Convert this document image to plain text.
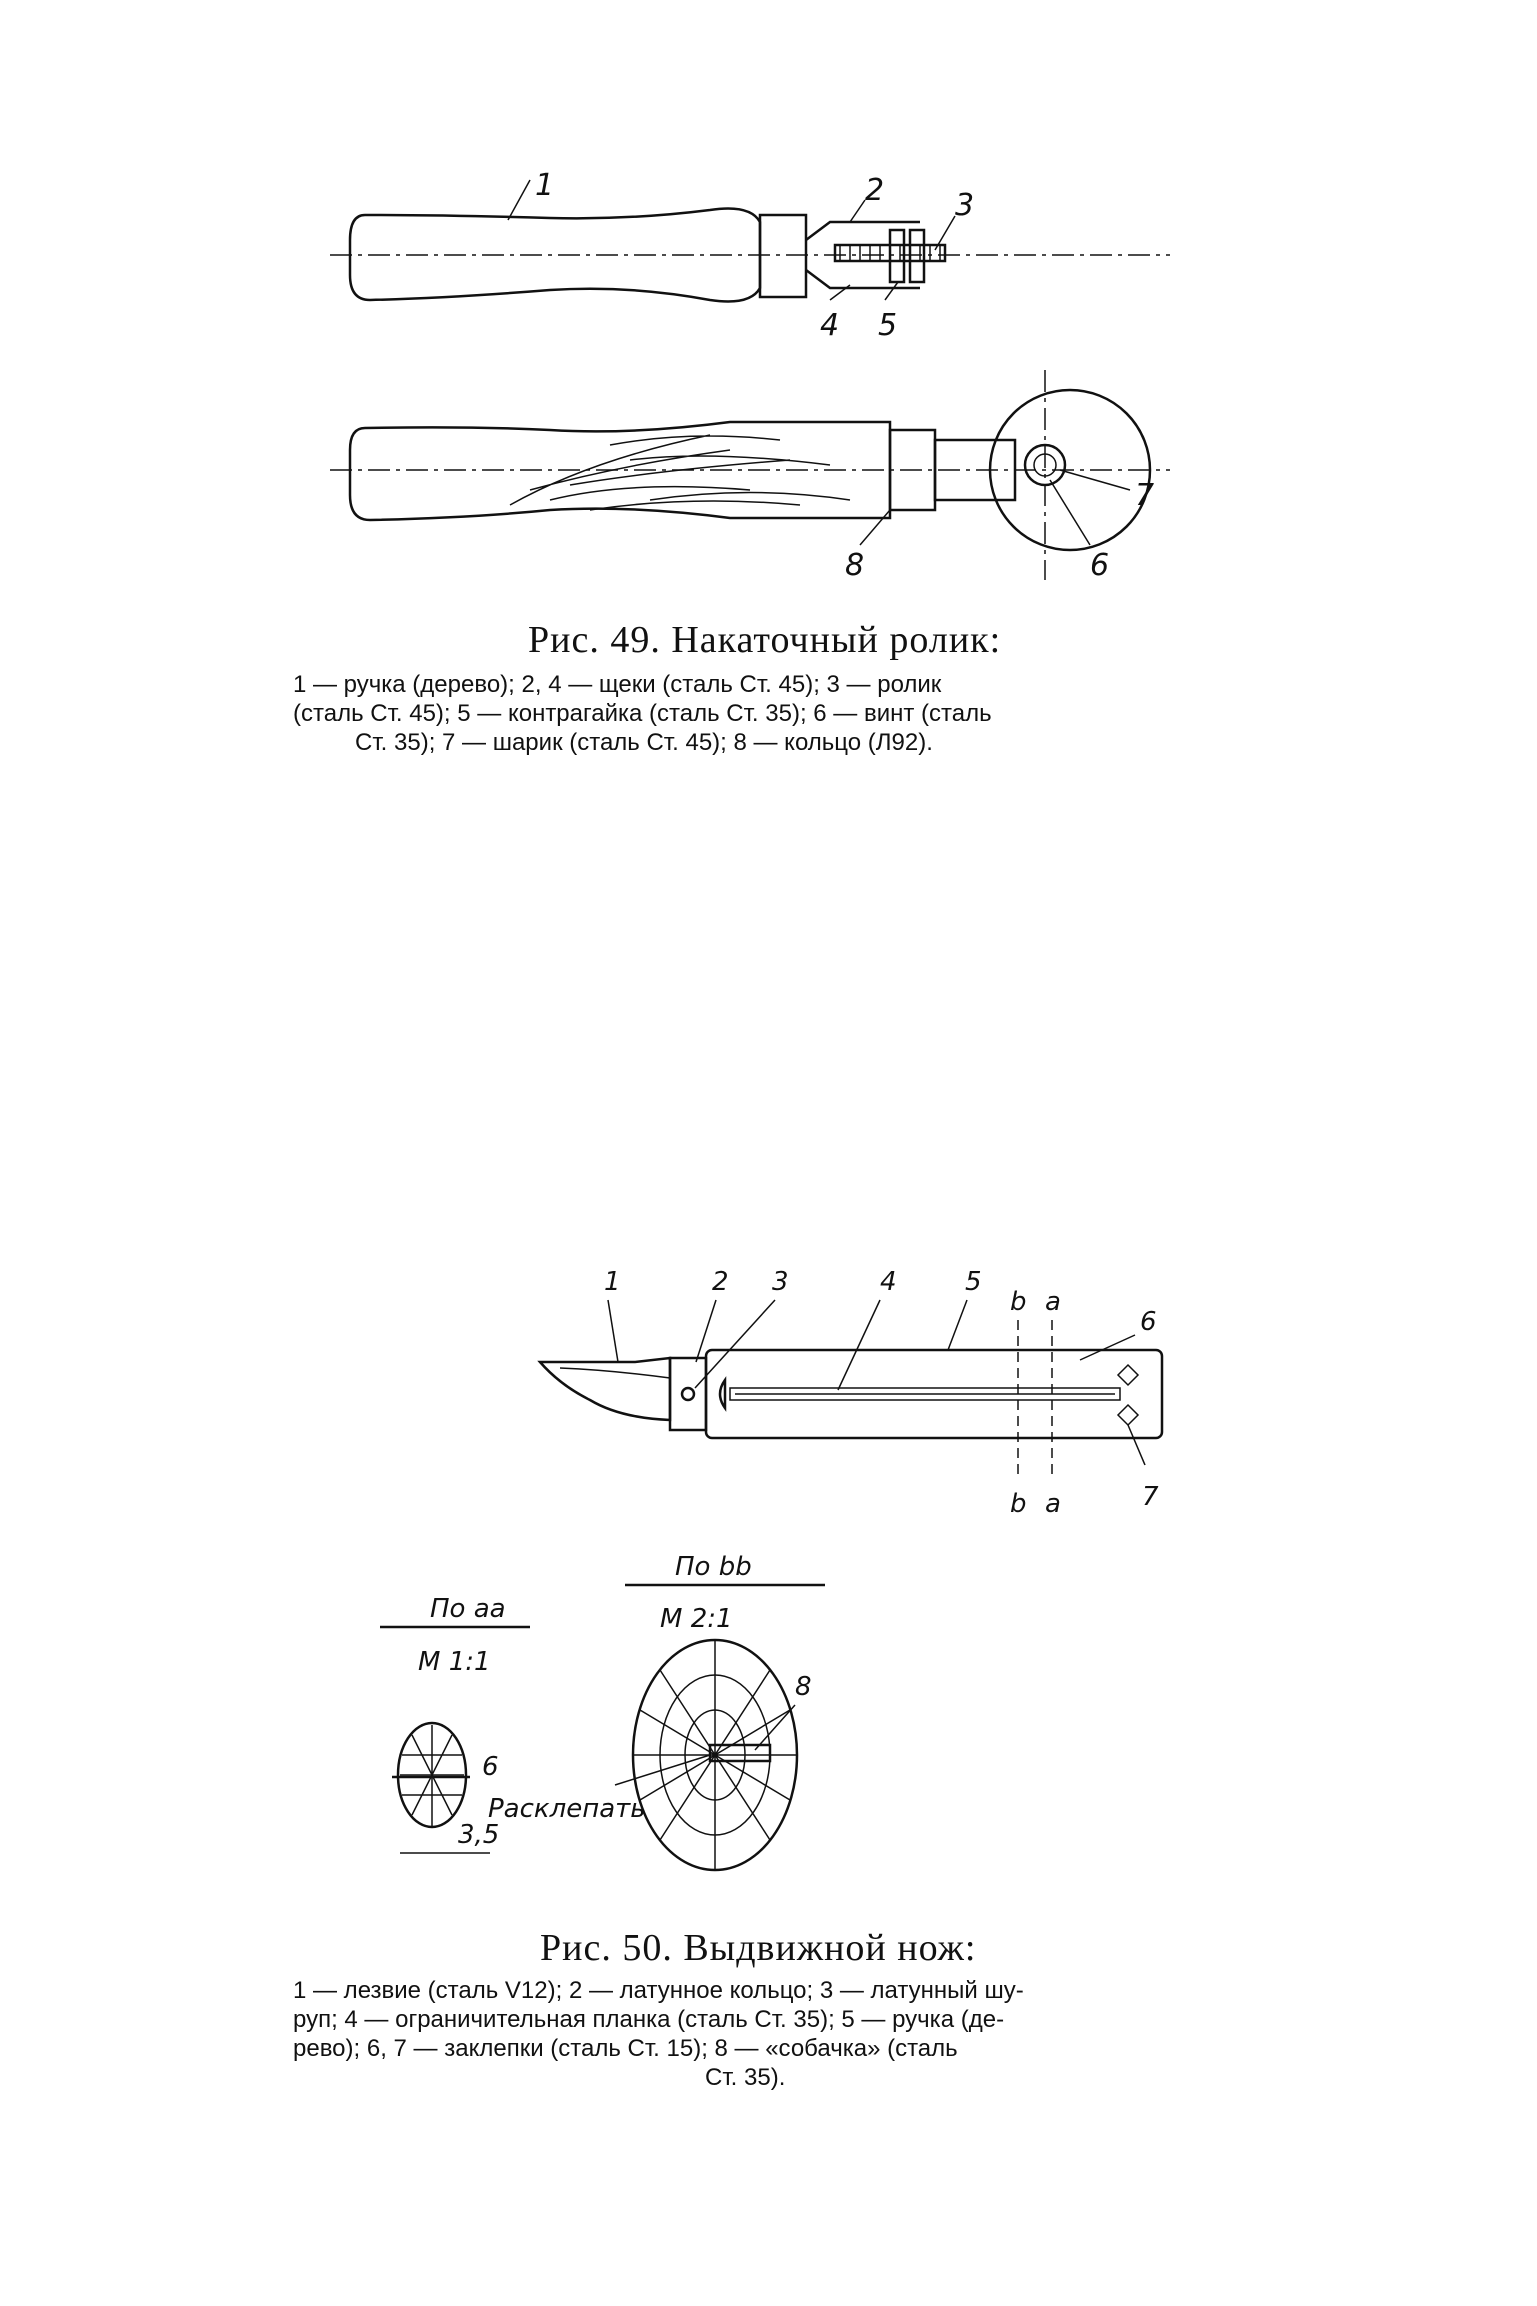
1	2 3
4 5
7
8	6
Рис. 49. Накаточный ролик:

1 — ручка (дерево); 2, 4 — щеки (сталь Ст. 45); 3 — ролик

(сталь Ст. 45); 5 — контрагайка (сталь Ст. 35); 6 — винт (сталь

Ст. 35); 7 — шарик (сталь Ст. 45); 8 — кольцо (Л92).

1	2 3	4	5
b a
6
b a	7
По аа
М 1:1
6
3,5
По bb
М 2:1
8
Расклепать
Рис. 50. Выдвижной нож:

1 — лезвие (сталь V12); 2 — латунное кольцо; 3 — латунный шу-

руп; 4 — ограничительная планка (сталь Ст. 35); 5 — ручка (де-

рево); 6, 7 — заклепки (сталь Ст. 15); 8 — «собачка» (сталь

Ст. 35).
